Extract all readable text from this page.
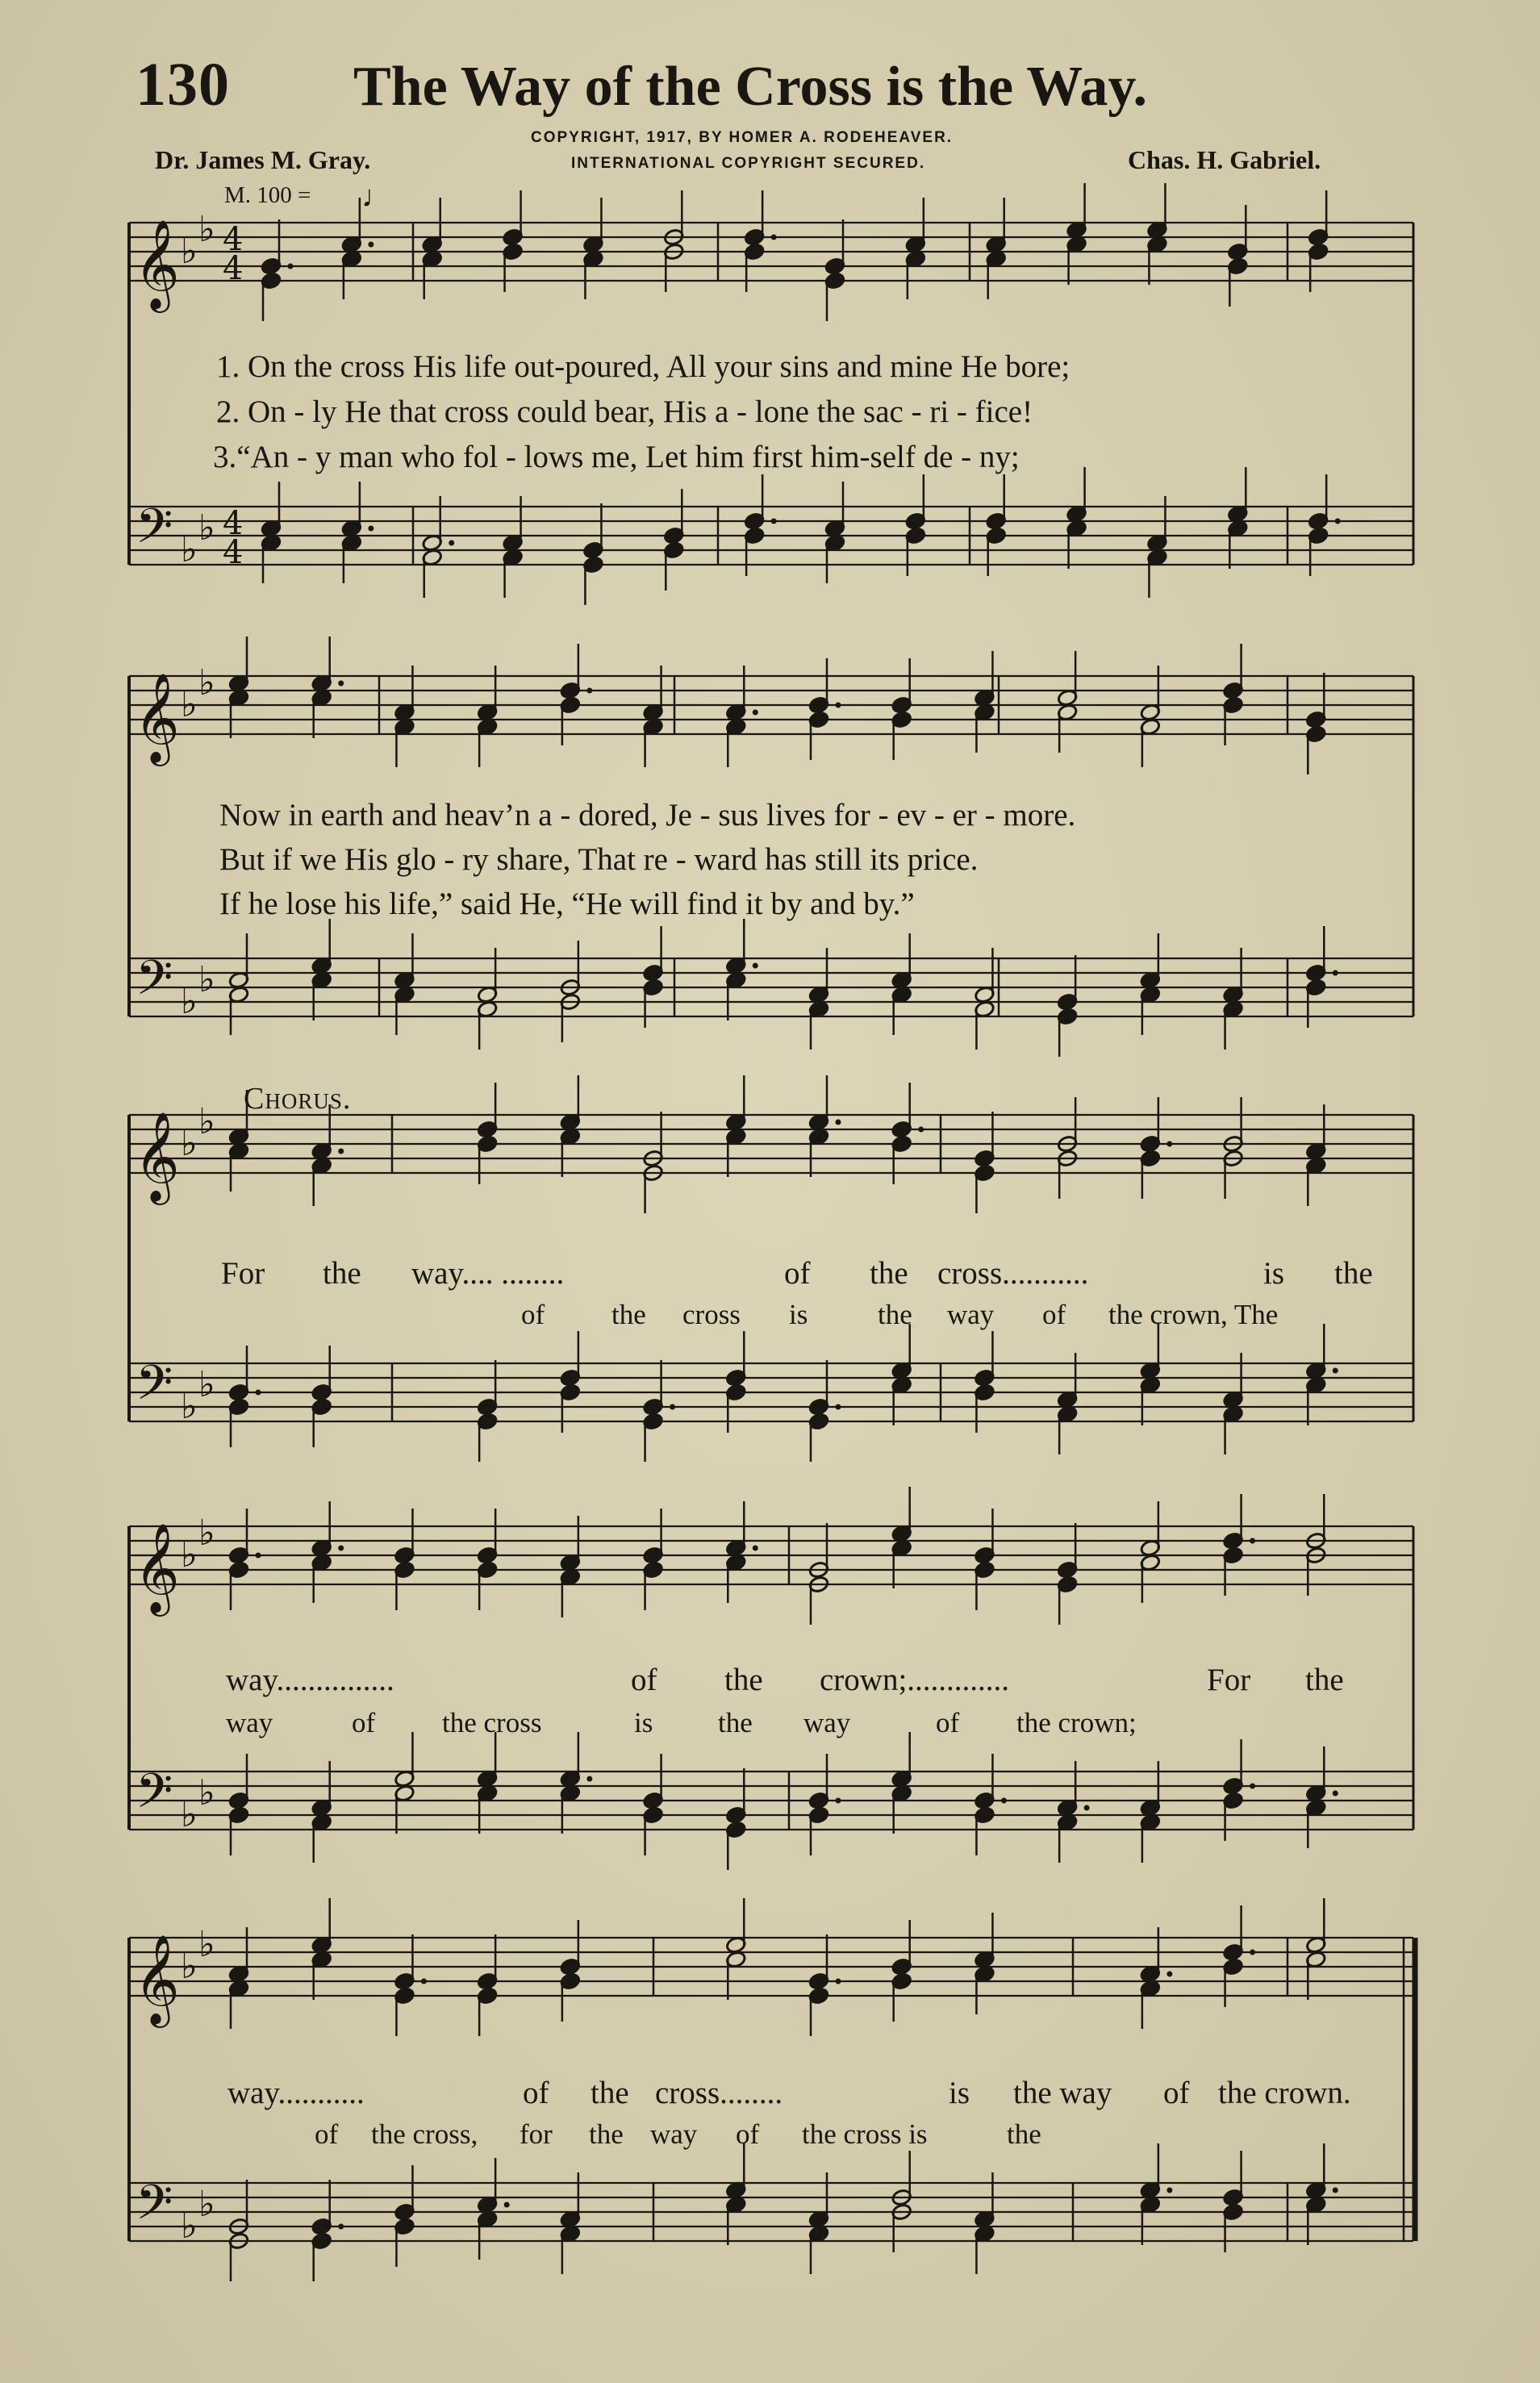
130 The Way of the Cross is the Way.
Dr. James M. Gray.	Chas. H. Gabriel.
COPYRIGHT, 1917, BY HOMER A. RODEHEAVER.
INTERNATIONAL COPYRIGHT SECURED.
M. 100 = ♩
Chorus.
𝄞 ♭
♭ 4
4
𝄢 ♭
♭ 4
4
𝄞 ♭
♭
𝄢 ♭
♭
𝄞 ♭
♭
𝄢 ♭
♭
𝄞 ♭
♭
𝄢 ♭
♭
𝄞 ♭
♭
𝄢 ♭
♭
1. On the cross His life out-poured, All your sins and mine He bore;
2. On - ly He that cross could bear, His a - lone the sac - ri - fice!
3.“An - y man who fol - lows me, Let him first him-self de - ny;
Now in earth and heav’n a - dored, Je - sus lives for - ev - er - more.
But if we His glo - ry share, That re - ward has still its price.
If he lose his life,” said He, “He will find it by and by.”
For the way.... ........	of the cross...........	is the
of the cross is the way of the crown, The
way...............	of the crown;.............	For the
way	of the cross	is the way	of the crown;
way...........	of the cross........	is the way of the crown.
of the cross, for the way of the cross is	the
